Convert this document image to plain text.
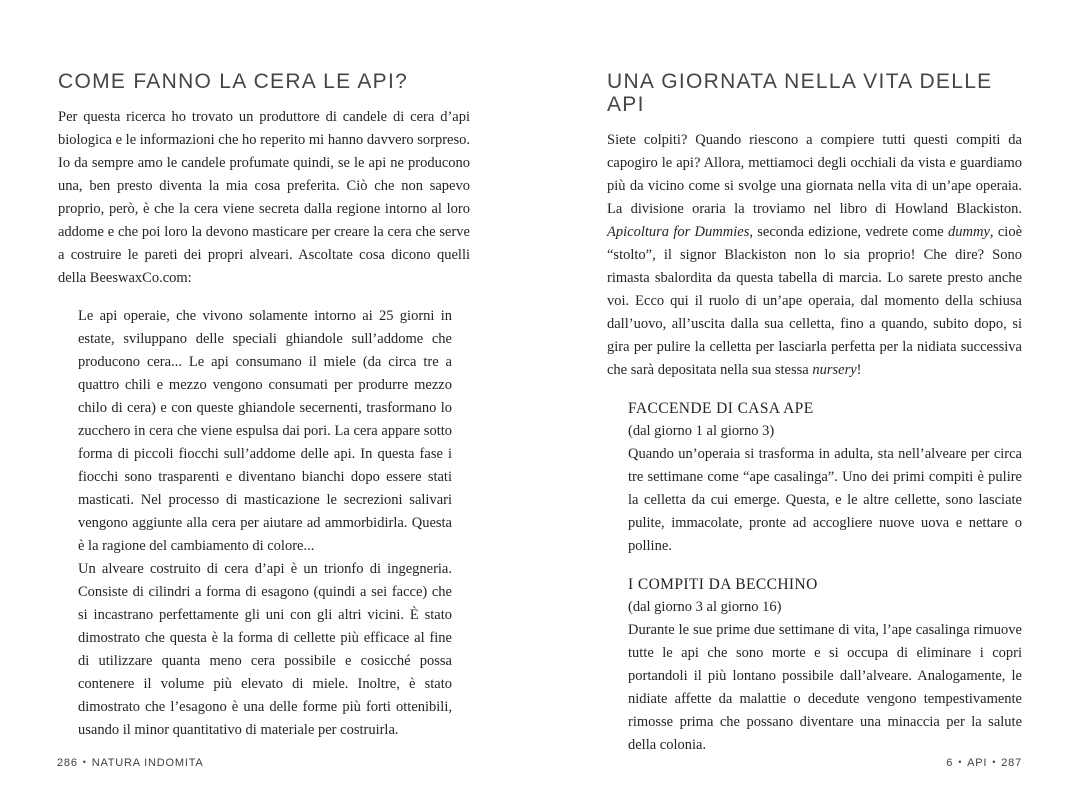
COME FANNO LA CERA LE API?

Per questa ricerca ho trovato un produttore di candele di cera d’api biologica e le informazioni che ho reperito mi hanno davvero sorpreso. Io da sempre amo le candele profumate quindi, se le api ne producono una, ben presto diventa la mia cosa preferita. Ciò che non sapevo proprio, però, è che la cera viene secreta dalla regione intorno al loro addome e che poi loro la devono masticare per creare la cera che serve a costruire le pareti dei propri alveari. Ascoltate cosa dicono quelli della BeeswaxCo.com:

Le api operaie, che vivono solamente intorno ai 25 giorni in estate, sviluppano delle speciali ghiandole sull’addome che producono cera... Le api consumano il miele (da circa tre a quattro chili e mezzo vengono consumati per produrre mezzo chilo di cera) e con queste ghiandole secernenti, trasformano lo zucchero in cera che viene espulsa dai pori. La cera appare sotto forma di piccoli fiocchi sull’addome delle api. In questa fase i fiocchi sono trasparenti e diventano bianchi dopo essere stati masticati. Nel processo di masticazione le secrezioni salivari vengono aggiunte alla cera per aiutare ad ammorbidirla. Questa è la ragione del cambiamento di colore...

Un alveare costruito di cera d’api è un trionfo di ingegneria. Consiste di cilindri a forma di esagono (quindi a sei facce) che si incastrano perfettamente gli uni con gli altri vicini. È stato dimostrato che questa è la forma di cellette più efficace al fine di utilizzare quanta meno cera possibile e cosicché possa contenere il volume più elevato di miele. Inoltre, è stato dimostrato che l’esagono è una delle forme più forti ottenibili, usando il minor quantitativo di materiale per costruirla.

UNA GIORNATA NELLA VITA DELLE API

Siete colpiti? Quando riescono a compiere tutti questi compiti da capogiro le api? Allora, mettiamoci degli occhiali da vista e guardiamo più da vicino come si svolge una giornata nella vita di un’ape operaia. La divisione oraria la troviamo nel libro di Howland Blackiston. Apicoltura for Dummies, seconda edizione, vedrete come dummy, cioè “stolto”, il signor Blackiston non lo sia proprio! Che dire? Sono rimasta sbalordita da questa tabella di marcia. Lo sarete presto anche voi. Ecco qui il ruolo di un’ape operaia, dal momento della schiusa dall’uovo, all’uscita dalla sua celletta, fino a quando, subito dopo, si gira per pulire la celletta per lasciarla perfetta per la nidiata successiva che sarà depositata nella sua stessa nursery!

FACCENDE DI CASA APE

(dal giorno 1 al giorno 3)

Quando un’operaia si trasforma in adulta, sta nell’alveare per circa tre settimane come “ape casalinga”. Uno dei primi compiti è pulire la celletta da cui emerge. Questa, e le altre cellette, sono lasciate pulite, immacolate, pronte ad accogliere nuove uova e nettare o polline.

I COMPITI DA BECCHINO

(dal giorno 3 al giorno 16)

Durante le sue prime due settimane di vita, l’ape casalinga rimuove tutte le api che sono morte e si occupa di eliminare i copri portandoli il più lontano possibile dall’alveare. Analogamente, le nidiate affette da malattie o decedute vengono tempestivamente rimosse prima che possano diventare una minaccia per la salute della colonia.

286 • NATURA INDOMITA	6 • API • 287
